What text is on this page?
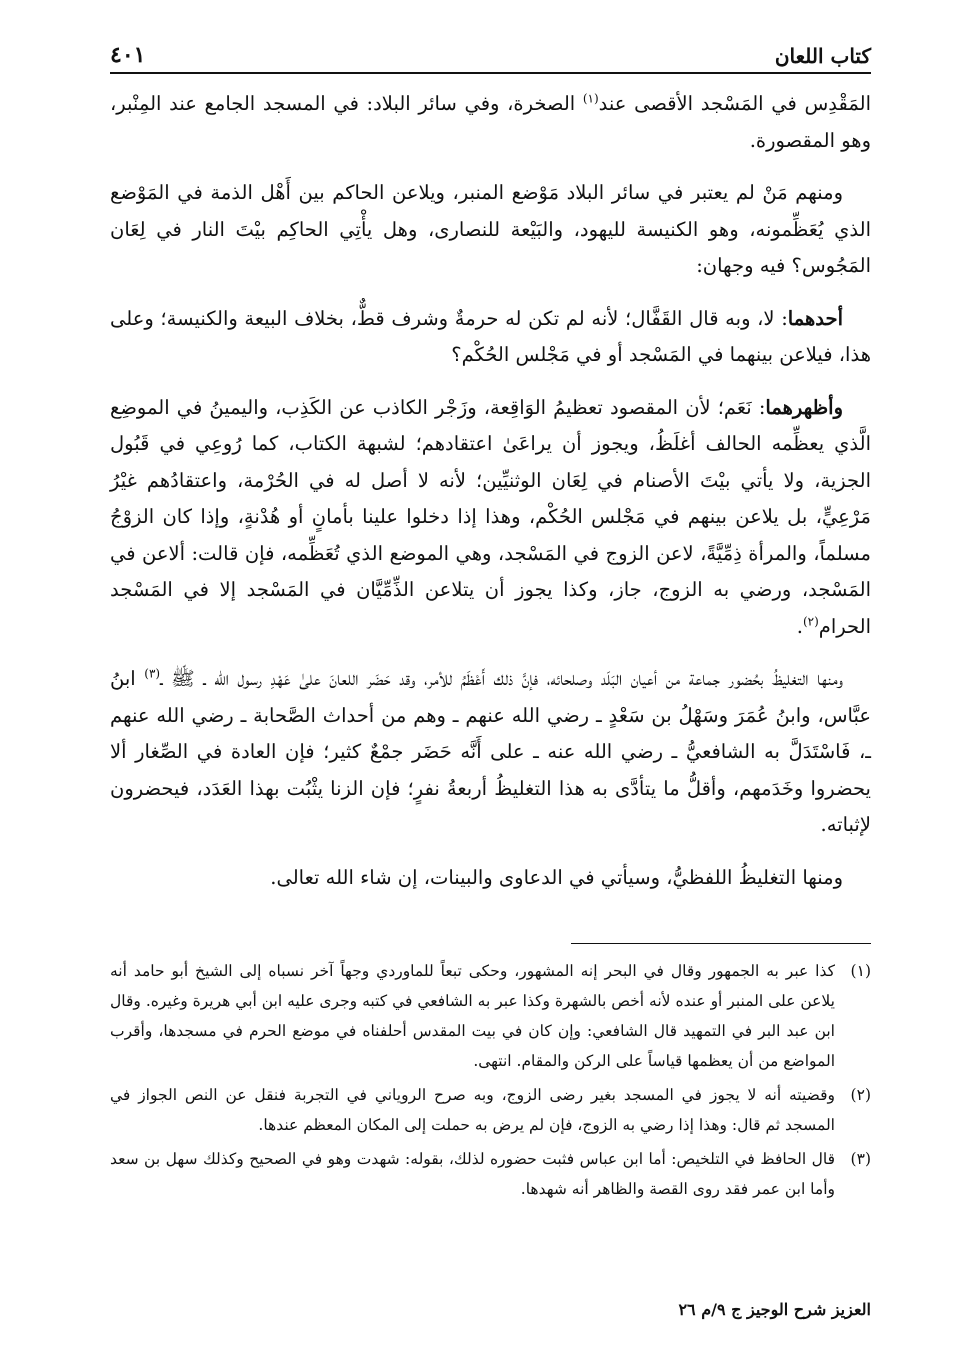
كتاب اللعان
٤٠١

المَقْدِس في المَسْجد الأقصى عند$^{(١)}$ الصخرة، وفي سائر البلاد: في المسجد الجامع عند المِنْبر، وهو المقصورة.

ومنهم مَنْ لم يعتبر في سائر البلاد مَوْضع المنبر، ويلاعن الحاكم بين أَهْل الذمة في المَوْضع الذي يُعَظِّمونه، وهو الكنيسة لليهود، والبَيْعة للنصارى، وهل يأْتِي الحاكِم بيْتَ النار في لِعَان المَجُوس؟ فيه وجهان:

أحدهما: لا، وبه قال القَفَّال؛ لأنه لم تكن له حرمةٌ وشرف قطٌّ، بخلاف البيعة والكنيسة؛ وعلى هذا، فيلاعن بينهما في المَسْجد أو في مَجْلس الحُكْم؟

وأظهرهما: نَعَم؛ لأن المقصود تعظيمُ الوَاقِعة، وزَجْر الكاذب عن الكَذِب، واليمينُ في الموضِع الَّذي يعظِّمه الحالف أغلَظُ، ويجوز أن يراعَىٰ اعتقادهم؛ لشبهة الكتاب، كما رُوعِي في قَبُول الجزية، ولا يأتي بيْتَ الأصنام في لِعَان الوثنيِّين؛ لأنه لا أصل له في الحُرْمة، واعتقادُهم غيْرُ مَرْعِيٍّ، بل يلاعن بينهم في مَجْلس الحُكْم، وهذا إذا دخلوا علينا بأمانٍ أو هُدْنةٍ، وإذا كان الزوْجُ مسلماً، والمرأة ذِمِّيَّةً، لاعن الزوج في المَسْجد، وهي الموضع الذي تُعَظِّمه، فإن قالت: ألاعن في المَسْجد، ورضي به الزوج، جاز، وكذا يجوز أن يتلاعن الذِّمِّيَّان في المَسْجد إلا في المَسْجد الحرام$^{(٢)}$.

ومنها التغليظُ بحُضور جماعة من أعيان البَلَد وصلحائه، فإنَّ ذلك أَعْظَمُ للأمر، وقد حَضَر اللعانَ علىٰ عَهْدِ رسول الله ـ ﷺ ـ$^{(٣)}$ ابنُ عبَّاس، وابنُ عُمَرَ وسَهْلُ بن سَعْدٍ ـ رضي الله عنهم ـ وهم من أحداث الصَّحابة ـ رضي الله عنهم ـ، فَاسْتَدَلَّ به الشافعيُّ ـ رضي الله عنه ـ على أَنَّه حَضَر جمْعٌ كثير؛ فإن العادة في الصِّغار ألا يحضروا وخَدَمهم، وأقلُّ ما يتأدَّى به هذا التغليظُ أربعةُ نفرٍ؛ فإن الزنا يثْبُت بهذا العَدَد، فيحضرون لإثباته.

ومنها التغليظُ اللفظيُّ، وسيأتي في الدعاوى والبينات، إن شاء الله تعالى.

(١)
كذا عبر به الجمهور وقال في البحر إنه المشهور، وحكى تبعاً للماوردي وجهاً آخر نسباه إلى الشيخ أبو حامد أنه يلاعن على المنبر أو عنده لأنه أخص بالشهرة وكذا عبر به الشافعي في كتبه وجرى عليه ابن أبي هريرة وغيره. وقال ابن عبد البر في التمهيد قال الشافعي: وإن كان في بيت المقدس أحلفناه في موضع الحرم في مسجدها، وأقرب المواضع من أن يعظمها قياساً على الركن والمقام. انتهى.
(٢)
وقضيته أنه لا يجوز في المسجد بغير رضى الزوج، وبه صرح الروياني في التجربة فنقل عن النص الجواز في المسجد ثم قال: وهذا إذا رضي به الزوج، فإن لم يرض به حملت إلى المكان المعظم عندها.
(٣)
قال الحافظ في التلخيص: أما ابن عباس فثبت حضوره لذلك، بقوله: شهدت وهو في الصحيح وكذلك سهل بن سعد وأما ابن عمر فقد روى القصة والظاهر أنه شهدها.
العزيز شرح الوجيز ج ٩/م ٢٦
